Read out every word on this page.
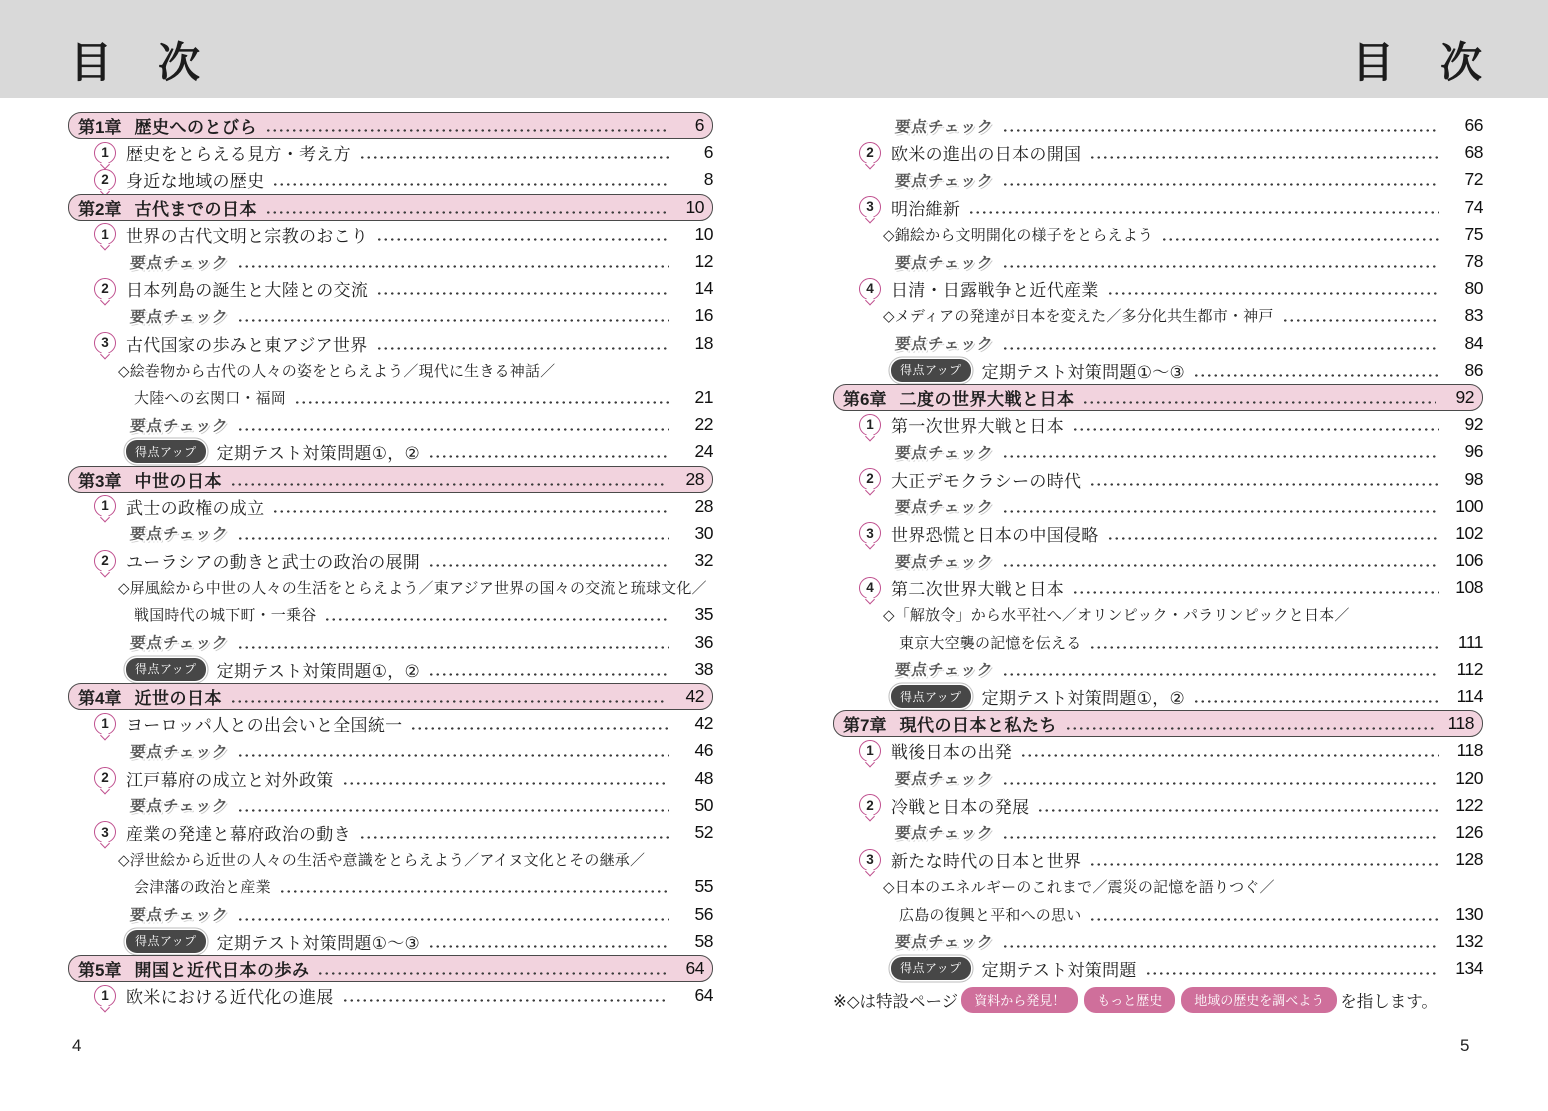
目　次	目　次
第1章 歴史へのとびら	6
1 歴史をとらえる見方・考え方	6
2 身近な地域の歴史	8
第2章 古代までの日本	10
1 世界の古代文明と宗教のおこり	10
要点チェック	12
2 日本列島の誕生と大陸との交流	14
要点チェック	16
3 古代国家の歩みと東アジア世界	18
◇絵巻物から古代の人々の姿をとらえよう／現代に生きる神話／
大陸への玄関口・福岡	21
要点チェック	22
得点アップ	定期テスト対策問題①，②	24
第3章 中世の日本	28
1 武士の政権の成立	28
要点チェック	30
2 ユーラシアの動きと武士の政治の展開	32
◇屏風絵から中世の人々の生活をとらえよう／東アジア世界の国々の交流と琉球文化／
戦国時代の城下町・一乗谷	35
要点チェック	36
得点アップ	定期テスト対策問題①，②	38
第4章 近世の日本	42
1 ヨーロッパ人との出会いと全国統一	42
要点チェック	46
2 江戸幕府の成立と対外政策	48
要点チェック	50
3 産業の発達と幕府政治の動き	52
◇浮世絵から近世の人々の生活や意識をとらえよう／アイヌ文化とその継承／
会津藩の政治と産業	55
要点チェック	56
得点アップ	定期テスト対策問題①～③	58
第5章 開国と近代日本の歩み	64
1 欧米における近代化の進展	64
要点チェック	66
2 欧米の進出の日本の開国	68
要点チェック	72
3 明治維新	74
◇錦絵から文明開化の様子をとらえよう	75
要点チェック	78
4 日清・日露戦争と近代産業	80
◇メディアの発達が日本を変えた／多分化共生都市・神戸	83
要点チェック	84
得点アップ	定期テスト対策問題①～③	86
第6章 二度の世界大戦と日本	92
1 第一次世界大戦と日本	92
要点チェック	96
2 大正デモクラシーの時代	98
要点チェック	100
3 世界恐慌と日本の中国侵略	102
要点チェック	106
4 第二次世界大戦と日本	108
◇「解放令」から水平社へ／オリンピック・パラリンピックと日本／
東京大空襲の記憶を伝える	111
要点チェック	112
得点アップ	定期テスト対策問題①，②	114
第7章 現代の日本と私たち	118
1 戦後日本の出発	118
要点チェック	120
2 冷戦と日本の発展	122
要点チェック	126
3 新たな時代の日本と世界	128
◇日本のエネルギーのこれまで／震災の記憶を語りつぐ／
広島の復興と平和への思い	130
要点チェック	132
得点アップ	定期テスト対策問題	134
※◇は特設ページ	資料から発見！	もっと歴史	地域の歴史を調べよう を指します。
4	5
